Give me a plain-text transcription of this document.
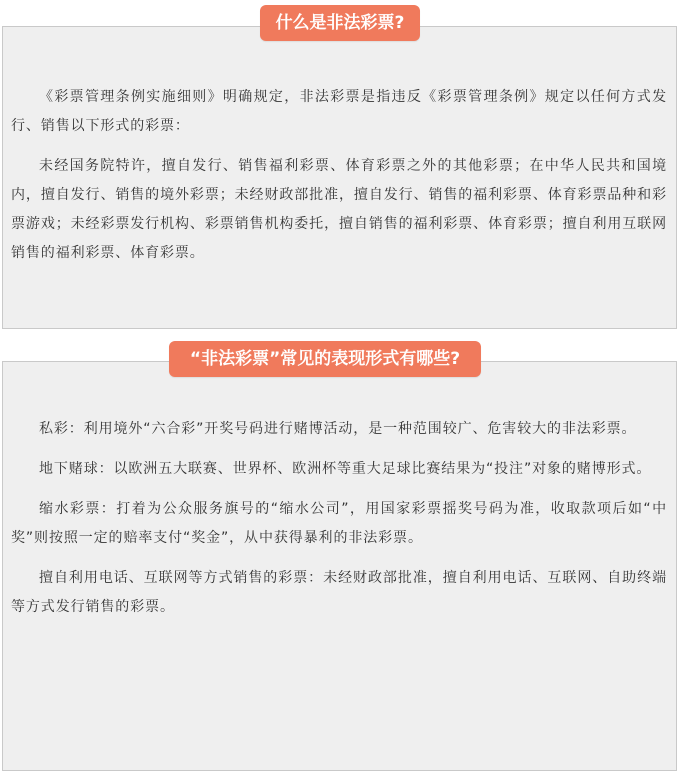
什么是非法彩票?

《彩票管理条例实施细则》明确规定，非法彩票是指违反《彩票管理条例》规定以任何方式发行、销售以下形式的彩票：

未经国务院特许，擅自发行、销售福利彩票、体育彩票之外的其他彩票；在中华人民共和国境内，擅自发行、销售的境外彩票；未经财政部批准，擅自发行、销售的福利彩票、体育彩票品种和彩票游戏；未经彩票发行机构、彩票销售机构委托，擅自销售的福利彩票、体育彩票；擅自利用互联网销售的福利彩票、体育彩票。

“非法彩票”常见的表现形式有哪些?

私彩：利用境外“六合彩”开奖号码进行赌博活动，是一种范围较广、危害较大的非法彩票。

地下赌球：以欧洲五大联赛、世界杯、欧洲杯等重大足球比赛结果为“投注”对象的赌博形式。

缩水彩票：打着为公众服务旗号的“缩水公司”，用国家彩票摇奖号码为准，收取款项后如“中奖”则按照一定的赔率支付“奖金”，从中获得暴利的非法彩票。

擅自利用电话、互联网等方式销售的彩票：未经财政部批准，擅自利用电话、互联网、自助终端等方式发行销售的彩票。
